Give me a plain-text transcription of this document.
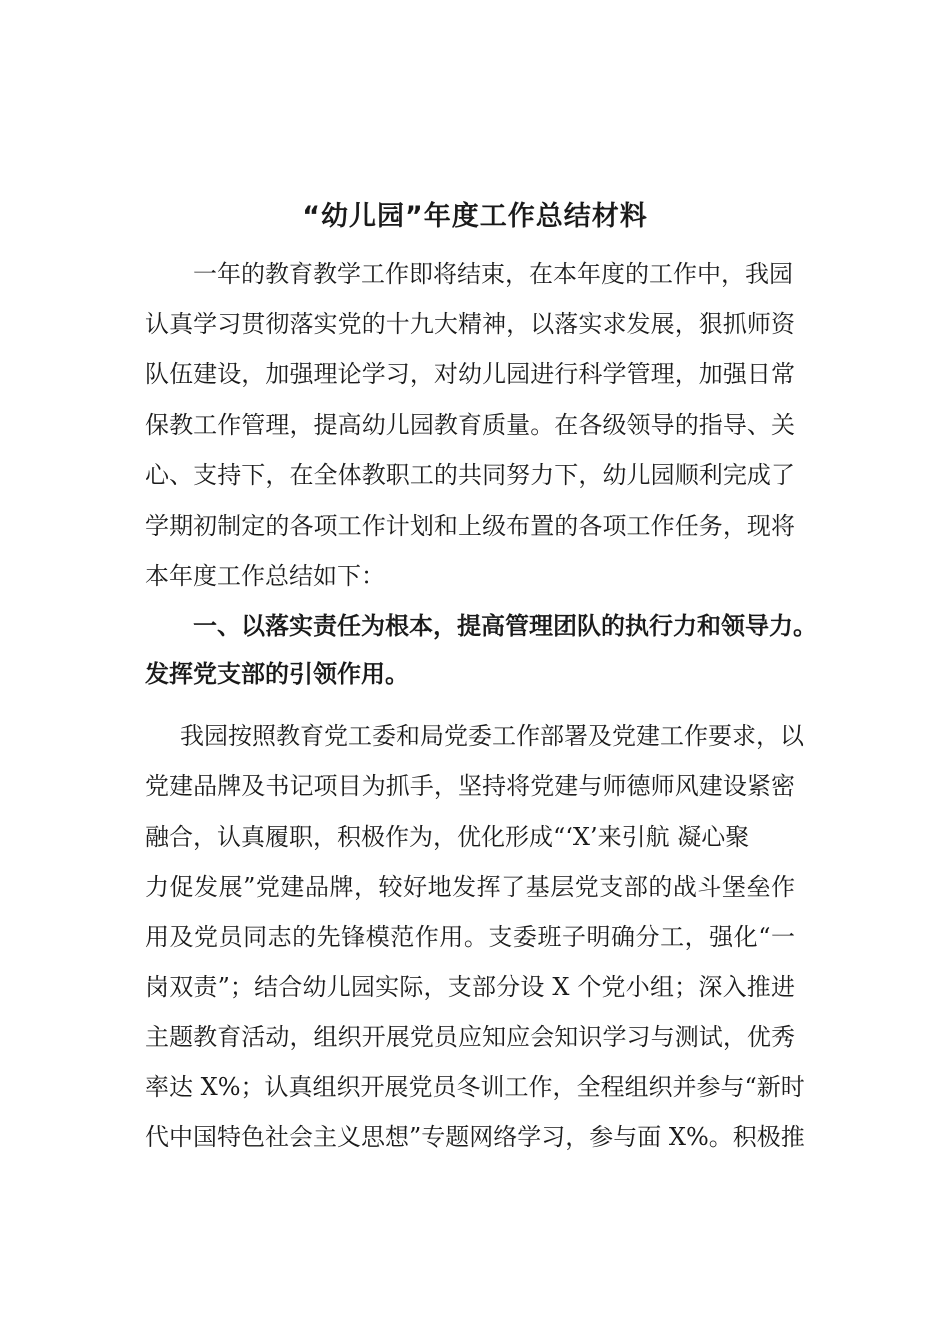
“幼儿园”年度工作总结材料
一年的教育教学工作即将结束，在本年度的工作中，我园
认真学习贯彻落实党的十九大精神，以落实求发展，狠抓师资
队伍建设，加强理论学习，对幼儿园进行科学管理，加强日常
保教工作管理，提高幼儿园教育质量。在各级领导的指导、关
心、支持下，在全体教职工的共同努力下，幼儿园顺利完成了
学期初制定的各项工作计划和上级布置的各项工作任务，现将
本年度工作总结如下：
一、以落实责任为根本，提高管理团队的执行力和领导力。
发挥党支部的引领作用。
我园按照教育党工委和局党委工作部署及党建工作要求，以
党建品牌及书记项目为抓手，坚持将党建与师德师风建设紧密
融合，认真履职，积极作为，优化形成“‘X’来引航 凝心聚
力促发展”党建品牌，较好地发挥了基层党支部的战斗堡垒作
用及党员同志的先锋模范作用。支委班子明确分工，强化“一
岗双责”；结合幼儿园实际，支部分设 X 个党小组；深入推进
主题教育活动，组织开展党员应知应会知识学习与测试，优秀
率达 X%；认真组织开展党员冬训工作，全程组织并参与“新时
代中国特色社会主义思想”专题网络学习，参与面 X%。积极推
